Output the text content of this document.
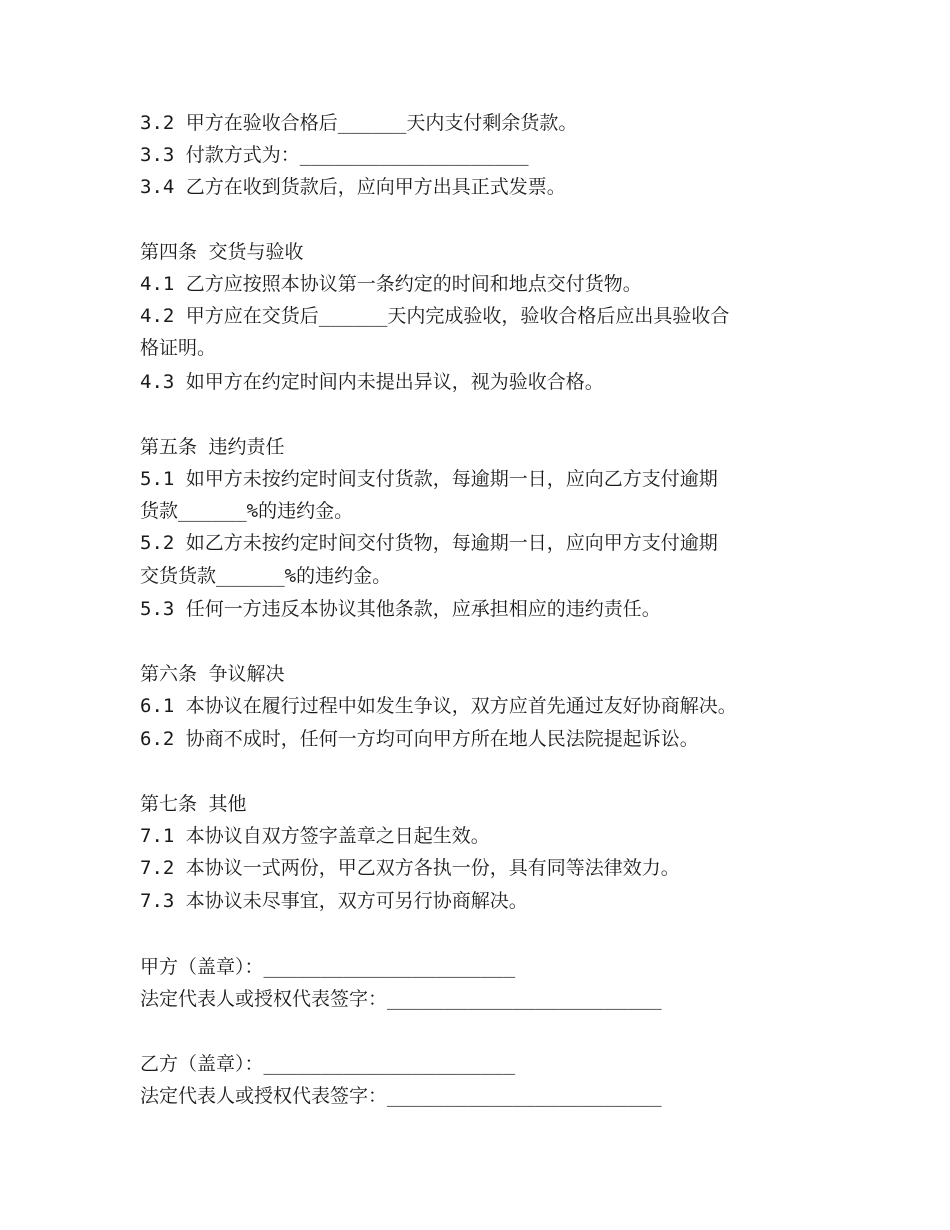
3.2 甲方在验收合格后______天内支付剩余货款。
3.3 付款方式为：____________________
3.4 乙方在收到货款后，应向甲方出具正式发票。
第四条 交货与验收
4.1 乙方应按照本协议第一条约定的时间和地点交付货物。
4.2 甲方应在交货后______天内完成验收，验收合格后应出具验收合
格证明。
4.3 如甲方在约定时间内未提出异议，视为验收合格。
第五条 违约责任
5.1 如甲方未按约定时间支付货款，每逾期一日，应向乙方支付逾期
货款______%的违约金。
5.2 如乙方未按约定时间交付货物，每逾期一日，应向甲方支付逾期
交货货款______%的违约金。
5.3 任何一方违反本协议其他条款，应承担相应的违约责任。
第六条 争议解决
6.1 本协议在履行过程中如发生争议，双方应首先通过友好协商解决。
6.2 协商不成时，任何一方均可向甲方所在地人民法院提起诉讼。
第七条 其他
7.1 本协议自双方签字盖章之日起生效。
7.2 本协议一式两份，甲乙双方各执一份，具有同等法律效力。
7.3 本协议未尽事宜，双方可另行协商解决。
甲方（盖章）：______________________
法定代表人或授权代表签字：________________________
乙方（盖章）：______________________
法定代表人或授权代表签字：________________________
